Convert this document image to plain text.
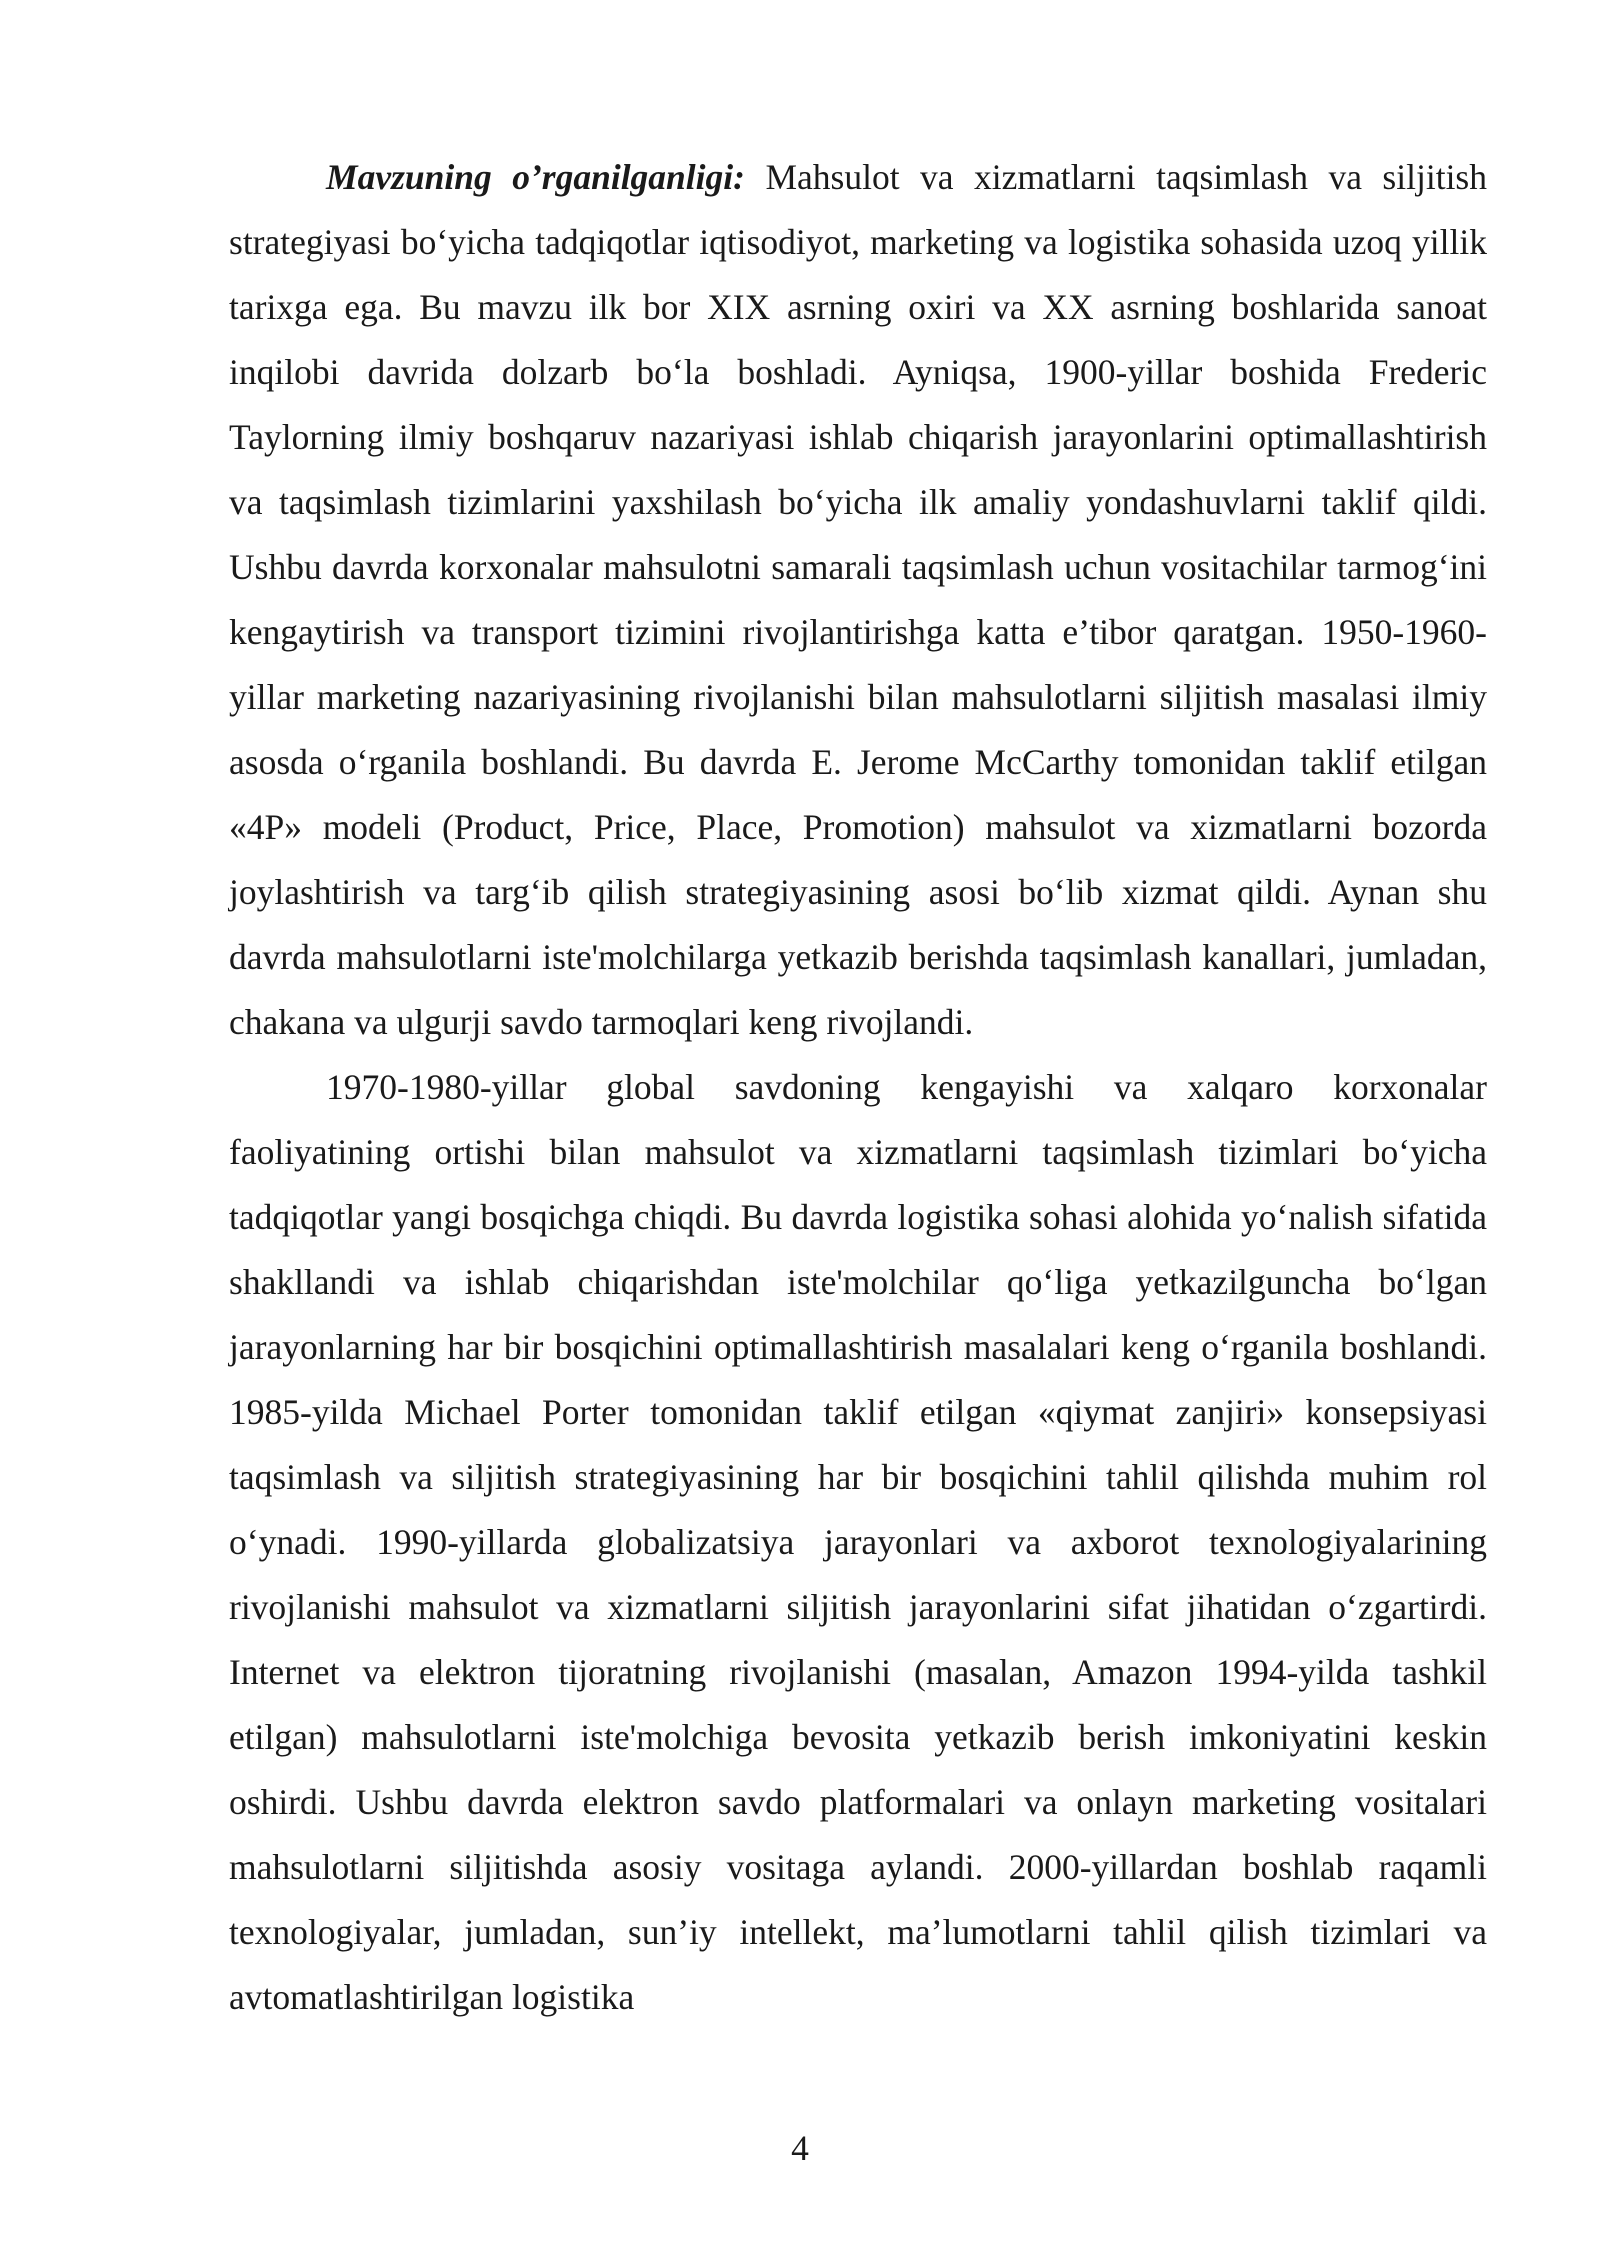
Mavzuning o’rganilganligi: Mahsulot va xizmatlarni taqsimlash va siljitish strategiyasi bo‘yicha tadqiqotlar iqtisodiyot, marketing va logistika sohasida uzoq yillik tarixga ega. Bu mavzu ilk bor XIX asrning oxiri va XX asrning boshlarida sanoat inqilobi davrida dolzarb bo‘la boshladi. Ayniqsa, 1900-yillar boshida Frederic Taylorning ilmiy boshqaruv nazariyasi ishlab chiqarish jarayonlarini optimallashtirish va taqsimlash tizimlarini yaxshilash bo‘yicha ilk amaliy yondashuvlarni taklif qildi. Ushbu davrda korxonalar mahsulotni samarali taqsimlash uchun vositachilar tarmog‘ini kengaytirish va transport tizimini rivojlantirishga katta e’tibor qaratgan. 1950-1960-yillar marketing nazariyasining rivojlanishi bilan mahsulotlarni siljitish masalasi ilmiy asosda o‘rganila boshlandi. Bu davrda E. Jerome McCarthy tomonidan taklif etilgan «4P» modeli (Product, Price, Place, Promotion) mahsulot va xizmatlarni bozorda joylashtirish va targ‘ib qilish strategiyasining asosi bo‘lib xizmat qildi. Aynan shu davrda mahsulotlarni iste'molchilarga yetkazib berishda taqsimlash kanallari, jumladan, chakana va ulgurji savdo tarmoqlari keng rivojlandi.

1970-1980-yillar global savdoning kengayishi va xalqaro korxonalar faoliyatining ortishi bilan mahsulot va xizmatlarni taqsimlash tizimlari bo‘yicha tadqiqotlar yangi bosqichga chiqdi. Bu davrda logistika sohasi alohida yo‘nalish sifatida shakllandi va ishlab chiqarishdan iste'molchilar qo‘liga yetkazilguncha bo‘lgan jarayonlarning har bir bosqichini optimallashtirish masalalari keng o‘rganila boshlandi. 1985-yilda Michael Porter tomonidan taklif etilgan «qiymat zanjiri» konsepsiyasi taqsimlash va siljitish strategiyasining har bir bosqichini tahlil qilishda muhim rol o‘ynadi. 1990-yillarda globalizatsiya jarayonlari va axborot texnologiyalarining rivojlanishi mahsulot va xizmatlarni siljitish jarayonlarini sifat jihatidan o‘zgartirdi. Internet va elektron tijoratning rivojlanishi (masalan, Amazon 1994-yilda tashkil etilgan) mahsulotlarni iste'molchiga bevosita yetkazib berish imkoniyatini keskin oshirdi. Ushbu davrda elektron savdo platformalari va onlayn marketing vositalari mahsulotlarni siljitishda asosiy vositaga aylandi. 2000-yillardan boshlab raqamli texnologiyalar, jumladan, sun’iy intellekt, ma’lumotlarni tahlil qilish tizimlari va avtomatlashtirilgan logistika

4
